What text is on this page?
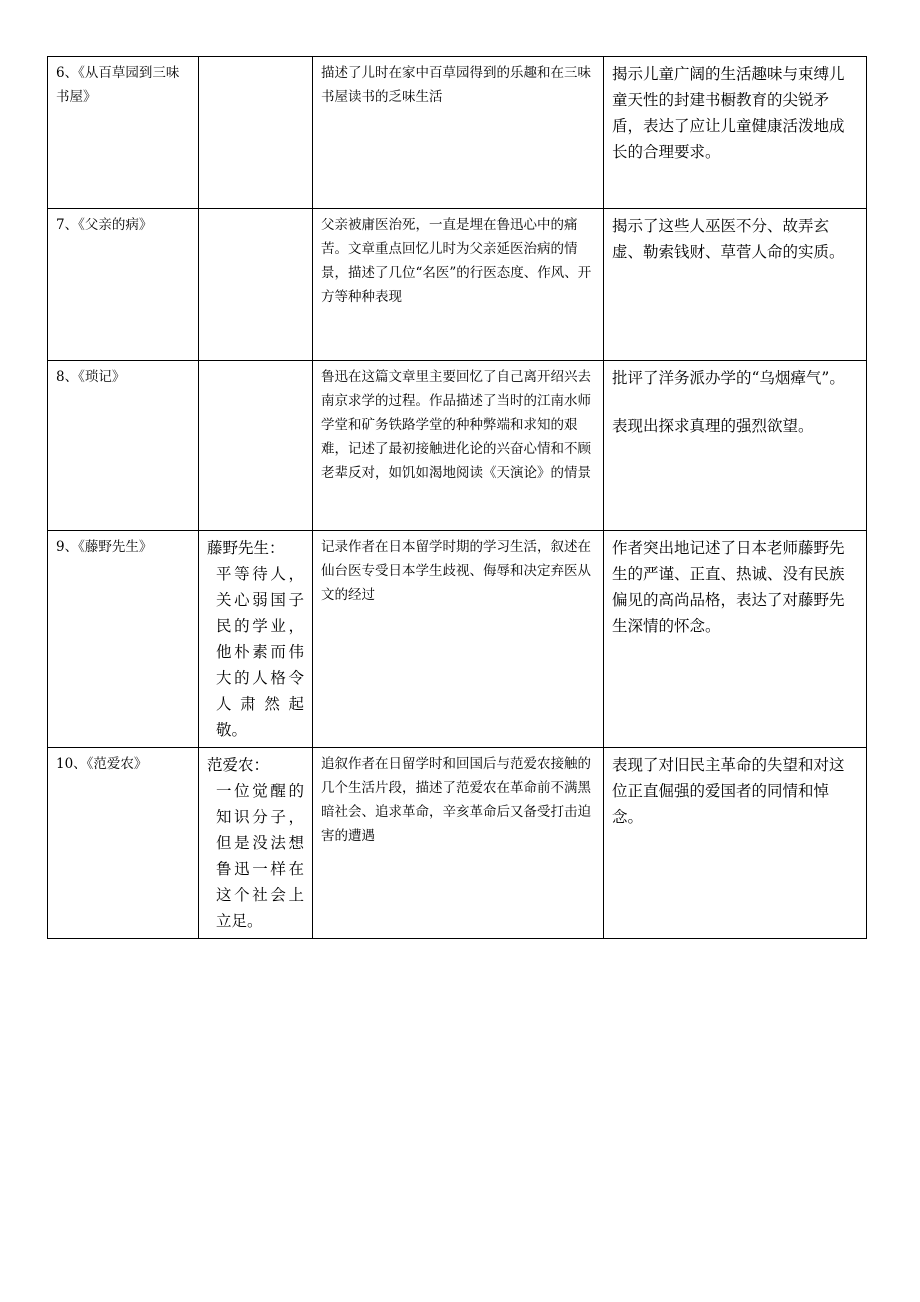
6、《从百草园到三味书屋》		描述了儿时在家中百草园得到的乐趣和在三味书屋读书的乏味生活	揭示儿童广阔的生活趣味与束缚儿童天性的封建书橱教育的尖锐矛盾，表达了应让儿童健康活泼地成长的合理要求。
7、《父亲的病》		父亲被庸医治死，一直是埋在鲁迅心中的痛苦。文章重点回忆儿时为父亲延医治病的情景，描述了几位“名医”的行医态度、作风、开方等种种表现	揭示了这些人巫医不分、故弄玄虚、勒索钱财、草菅人命的实质。
8、《琐记》		鲁迅在这篇文章里主要回忆了自己离开绍兴去南京求学的过程。作品描述了当时的江南水师学堂和矿务铁路学堂的种种弊端和求知的艰难，记述了最初接触进化论的兴奋心情和不顾老辈反对，如饥如渴地阅读《天演论》的情景	批评了洋务派办学的“乌烟瘴气”。
表现出探求真理的强烈欲望。

9、《藤野先生》	藤野先生：
平等待人，关心弱国子民的学业，他朴素而伟大的人格令人肃然起敬。	记录作者在日本留学时期的学习生活，叙述在仙台医专受日本学生歧视、侮辱和决定弃医从文的经过	作者突出地记述了日本老师藤野先生的严谨、正直、热诚、没有民族偏见的高尚品格，表达了对藤野先生深情的怀念。
10、《范爱农》	范爱农：
一位觉醒的知识分子，但是没法想鲁迅一样在这个社会上立足。	追叙作者在日留学时和回国后与范爱农接触的几个生活片段，描述了范爱农在革命前不满黑暗社会、追求革命，辛亥革命后又备受打击迫害的遭遇	表现了对旧民主革命的失望和对这位正直倔强的爱国者的同情和悼念。
